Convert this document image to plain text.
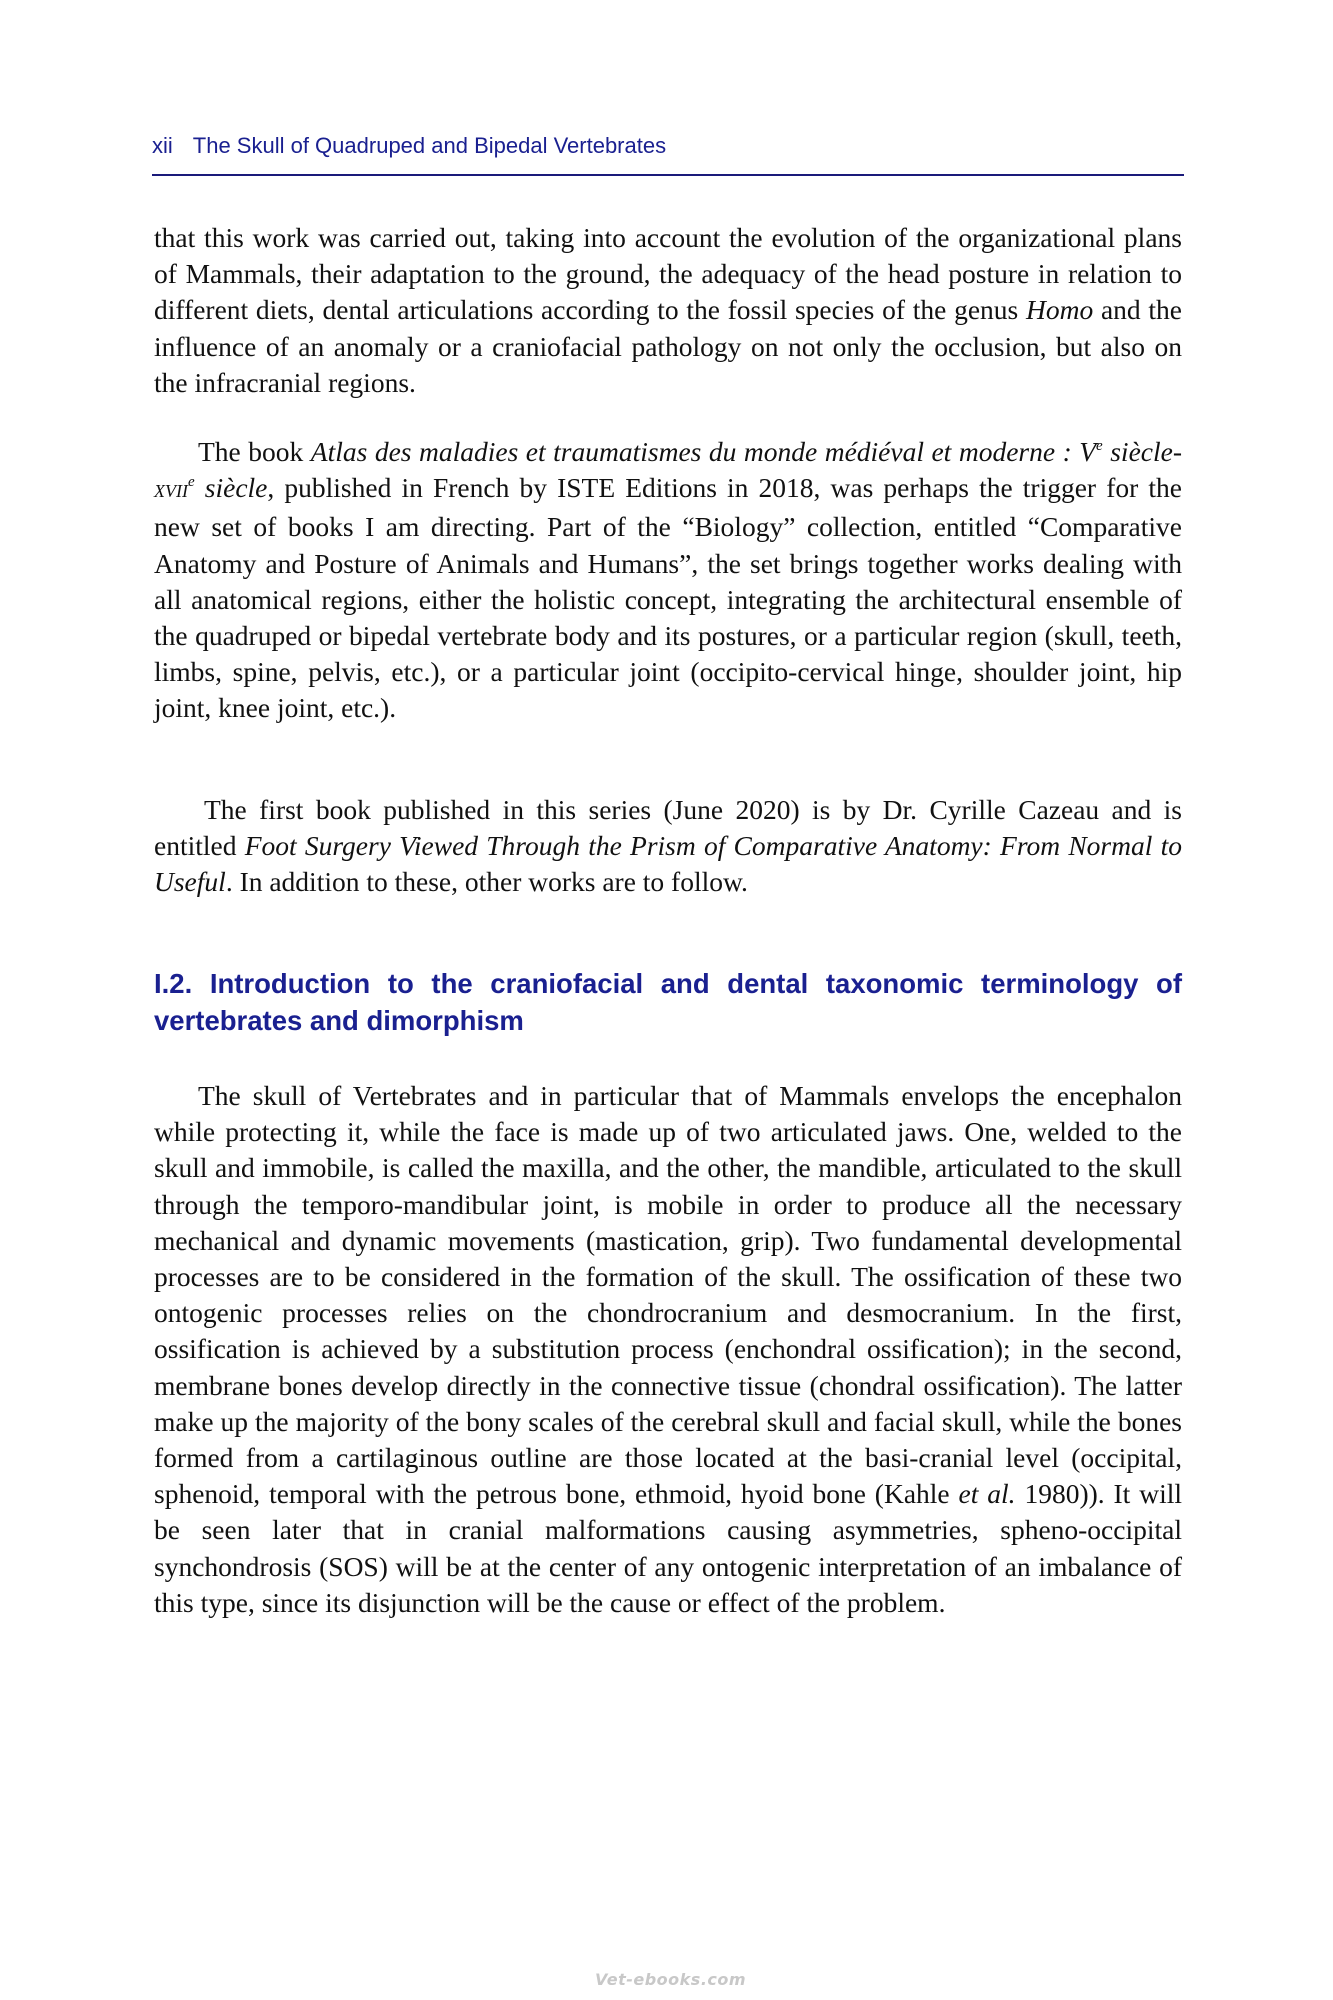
xii The Skull of Quadruped and Bipedal Vertebrates

that this work was carried out, taking into account the evolution of the organizational plans of Mammals, their adaptation to the ground, the adequacy of the head posture in relation to different diets, dental articulations according to the fossil species of the genus Homo and the influence of an anomaly or a craniofacial pathology on not only the occlusion, but also on the infracranial regions.

The book Atlas des maladies et traumatismes du monde médiéval et moderne : Ve siècle-XVIIe siècle, published in French by ISTE Editions in 2018, was perhaps the trigger for the new set of books I am directing. Part of the “Biology” collection, entitled “Comparative Anatomy and Posture of Animals and Humans”, the set brings together works dealing with all anatomical regions, either the holistic concept, integrating the architectural ensemble of the quadruped or bipedal vertebrate body and its postures, or a particular region (skull, teeth, limbs, spine, pelvis, etc.), or a particular joint (occipito-cervical hinge, shoulder joint, hip joint, knee joint, etc.).

The first book published in this series (June 2020) is by Dr. Cyrille Cazeau and is entitled Foot Surgery Viewed Through the Prism of Comparative Anatomy: From Normal to Useful. In addition to these, other works are to follow.

I.2. Introduction to the craniofacial and dental taxonomic terminology of vertebrates and dimorphism

The skull of Vertebrates and in particular that of Mammals envelops the encephalon while protecting it, while the face is made up of two articulated jaws. One, welded to the skull and immobile, is called the maxilla, and the other, the mandible, articulated to the skull through the temporo-mandibular joint, is mobile in order to produce all the necessary mechanical and dynamic movements (mastication, grip). Two fundamental developmental processes are to be considered in the formation of the skull. The ossification of these two ontogenic processes relies on the chondrocranium and desmocranium. In the first, ossification is achieved by a substitution process (enchondral ossification); in the second, membrane bones develop directly in the connective tissue (chondral ossification). The latter make up the majority of the bony scales of the cerebral skull and facial skull, while the bones formed from a cartilaginous outline are those located at the basi-cranial level (occipital, sphenoid, temporal with the petrous bone, ethmoid, hyoid bone (Kahle et al. 1980)). It will be seen later that in cranial malformations causing asymmetries, spheno-occipital synchondrosis (SOS) will be at the center of any ontogenic interpretation of an imbalance of this type, since its disjunction will be the cause or effect of the problem.

Vet-ebooks.com
